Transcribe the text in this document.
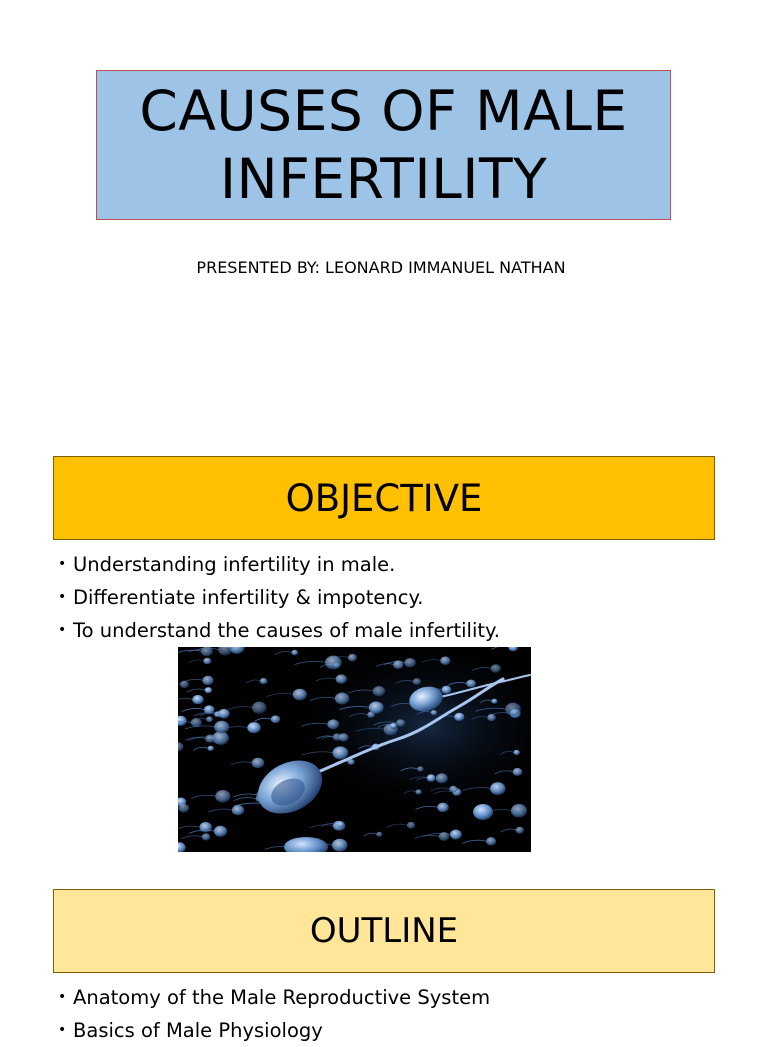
CAUSES OF MALE
INFERTILITY
PRESENTED BY: LEONARD IMMANUEL NATHAN
OBJECTIVE
• Understanding infertility in male.
• Differentiate infertility & impotency.
• To understand the causes of male infertility.
OUTLINE
• Anatomy of the Male Reproductive System
• Basics of Male Physiology
